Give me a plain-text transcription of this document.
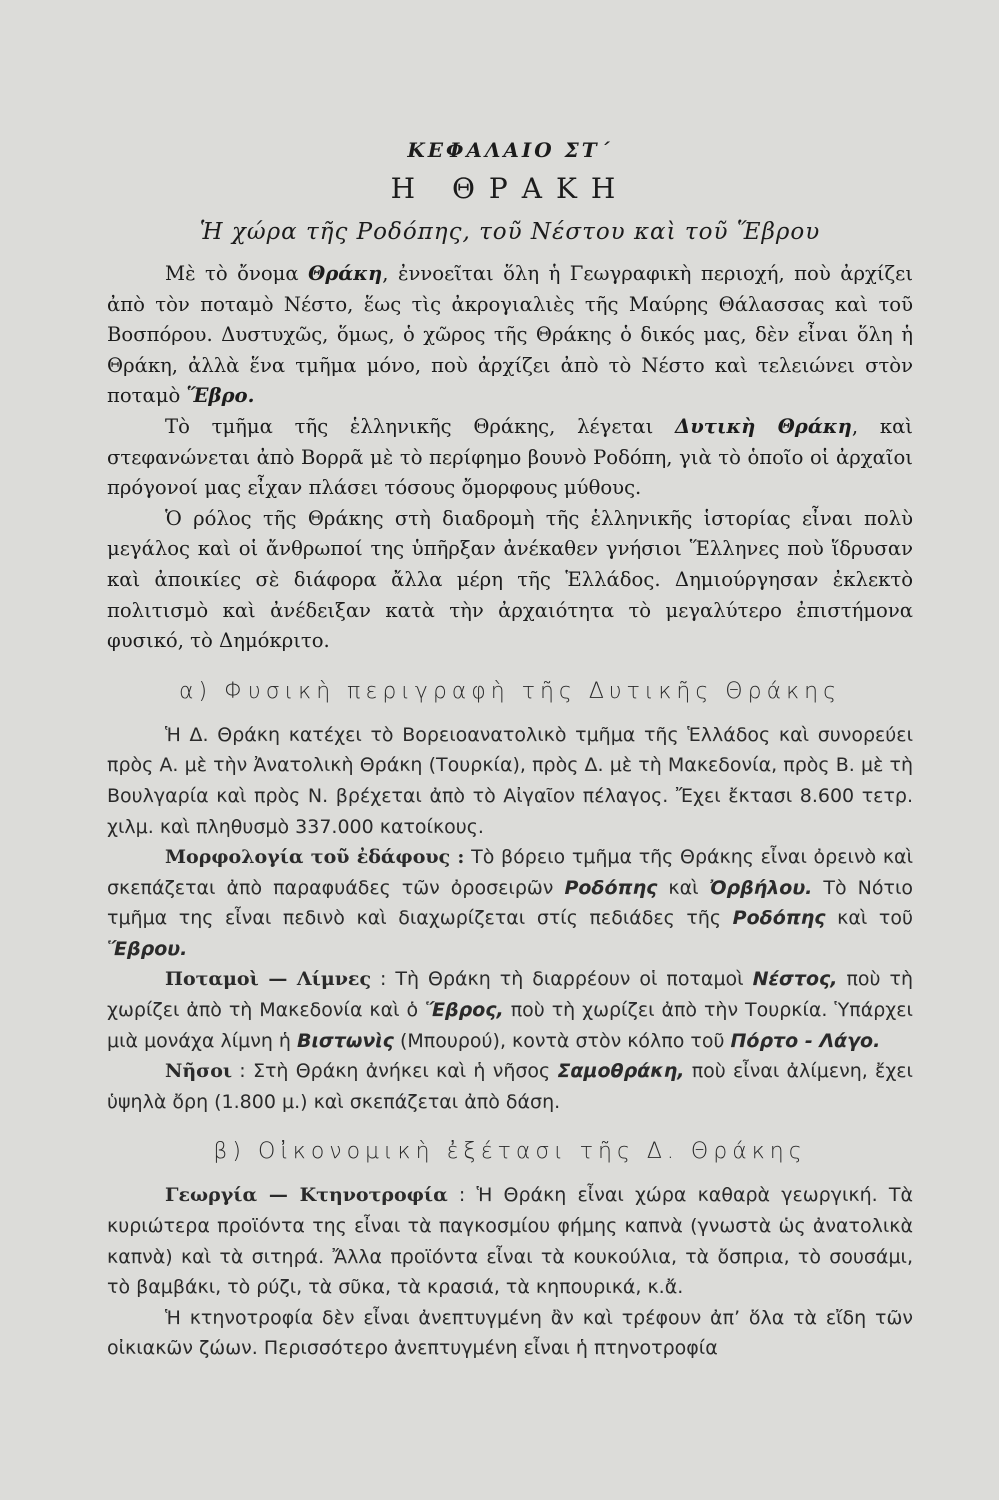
ΚΕΦΑΛΑΙΟ ΣΤ΄
Η ΘΡΑΚΗ
Ἡ χώρα τῆς Ροδόπης, τοῦ Νέστου καὶ τοῦ Ἕβρου

Μὲ τὸ ὄνομα Θράκη, ἐννοεῖται ὅλη ἡ Γεωγραφικὴ περιοχή, ποὺ ἀρχίζει ἀπὸ τὸν ποταμὸ Νέστο, ἕως τὶς ἀκρογιαλιὲς τῆς Μαύρης Θάλασσας καὶ τοῦ Βοσπόρου. Δυστυχῶς, ὅμως, ὁ χῶρος τῆς Θράκης ὁ δικός μας, δὲν εἶναι ὅλη ἡ Θράκη, ἀλλὰ ἕνα τμῆμα μόνο, ποὺ ἀρχίζει ἀπὸ τὸ Νέστο καὶ τελειώνει στὸν ποταμὸ Ἕβρο.

Τὸ τμῆμα τῆς ἑλληνικῆς Θράκης, λέγεται Δυτικὴ Θράκη, καὶ στεφανώνεται ἀπὸ Βορρᾶ μὲ τὸ περίφημο βουνὸ Ροδόπη, γιὰ τὸ ὁποῖο οἱ ἀρχαῖοι πρόγονοί μας εἶχαν πλάσει τόσους ὄμορφους μύθους.

Ὁ ρόλος τῆς Θράκης στὴ διαδρομὴ τῆς ἑλληνικῆς ἱστορίας εἶναι πολὺ μεγάλος καὶ οἱ ἄνθρωποί της ὑπῆρξαν ἀνέκαθεν γνήσιοι Ἕλληνες ποὺ ἵδρυσαν καὶ ἀποικίες σὲ διάφορα ἄλλα μέρη τῆς Ἑλλάδος. Δημιούργησαν ἐκλεκτὸ πολιτισμὸ καὶ ἀνέδειξαν κατὰ τὴν ἀρχαιότητα τὸ μεγαλύτερο ἐπιστήμονα φυσικό, τὸ Δημόκριτο.

α) Φυσικὴ περιγραφὴ τῆς Δυτικῆς Θράκης

Ἡ Δ. Θράκη κατέχει τὸ Βορειοανατολικὸ τμῆμα τῆς Ἑλλάδος καὶ συνορεύει πρὸς Α. μὲ τὴν Ἀνατολικὴ Θράκη (Τουρκία), πρὸς Δ. μὲ τὴ Μακεδονία, πρὸς Β. μὲ τὴ Βουλγαρία καὶ πρὸς Ν. βρέχεται ἀπὸ τὸ Αἰγαῖον πέλαγος. Ἔχει ἔκτασι 8.600 τετρ. χιλμ. καὶ πληθυσμὸ 337.000 κατοίκους.

Μορφολογία τοῦ ἐδάφους : Τὸ βόρειο τμῆμα τῆς Θράκης εἶναι ὀρεινὸ καὶ σκεπάζεται ἀπὸ παραφυάδες τῶν ὀροσειρῶν Ροδόπης καὶ Ὀρβήλου. Τὸ Νότιο τμῆμα της εἶναι πεδινὸ καὶ διαχωρίζεται στίς πεδιάδες τῆς Ροδόπης καὶ τοῦ Ἕβρου.

Ποταμοὶ — Λίμνες : Τὴ Θράκη τὴ διαρρέουν οἱ ποταμοὶ Νέστος, ποὺ τὴ χωρίζει ἀπὸ τὴ Μακεδονία καὶ ὁ Ἕβρος, ποὺ τὴ χωρίζει ἀπὸ τὴν Τουρκία. Ὑπάρχει μιὰ μονάχα λίμνη ἡ Βιστωνὶς (Μπουρού), κοντὰ στὸν κόλπο τοῦ Πόρτο - Λάγο.

Νῆσοι : Στὴ Θράκη ἀνήκει καὶ ἡ νῆσος Σαμοθράκη, ποὺ εἶναι ἀλίμενη, ἔχει ὑψηλὰ ὄρη (1.800 μ.) καὶ σκεπάζεται ἀπὸ δάση.

β) Οἰκονομικὴ ἐξέτασι τῆς Δ. Θράκης

Γεωργία — Κτηνοτροφία : Ἡ Θράκη εἶναι χώρα καθαρὰ γεωργική. Τὰ κυριώτερα προϊόντα της εἶναι τὰ παγκοσμίου φήμης καπνὰ (γνωστὰ ὡς ἀνατολικὰ καπνὰ) καὶ τὰ σιτηρά. Ἄλλα προϊόντα εἶναι τὰ κουκούλια, τὰ ὄσπρια, τὸ σουσάμι, τὸ βαμβάκι, τὸ ρύζι, τὰ σῦκα, τὰ κρασιά, τὰ κηπουρικά, κ.ἄ.

Ἡ κτηνοτροφία δὲν εἶναι ἀνεπτυγμένη ἂν καὶ τρέφουν ἀπ’ ὅλα τὰ εἴδη τῶν οἰκιακῶν ζώων. Περισσότερο ἀνεπτυγμένη εἶναι ἡ πτηνοτροφία
